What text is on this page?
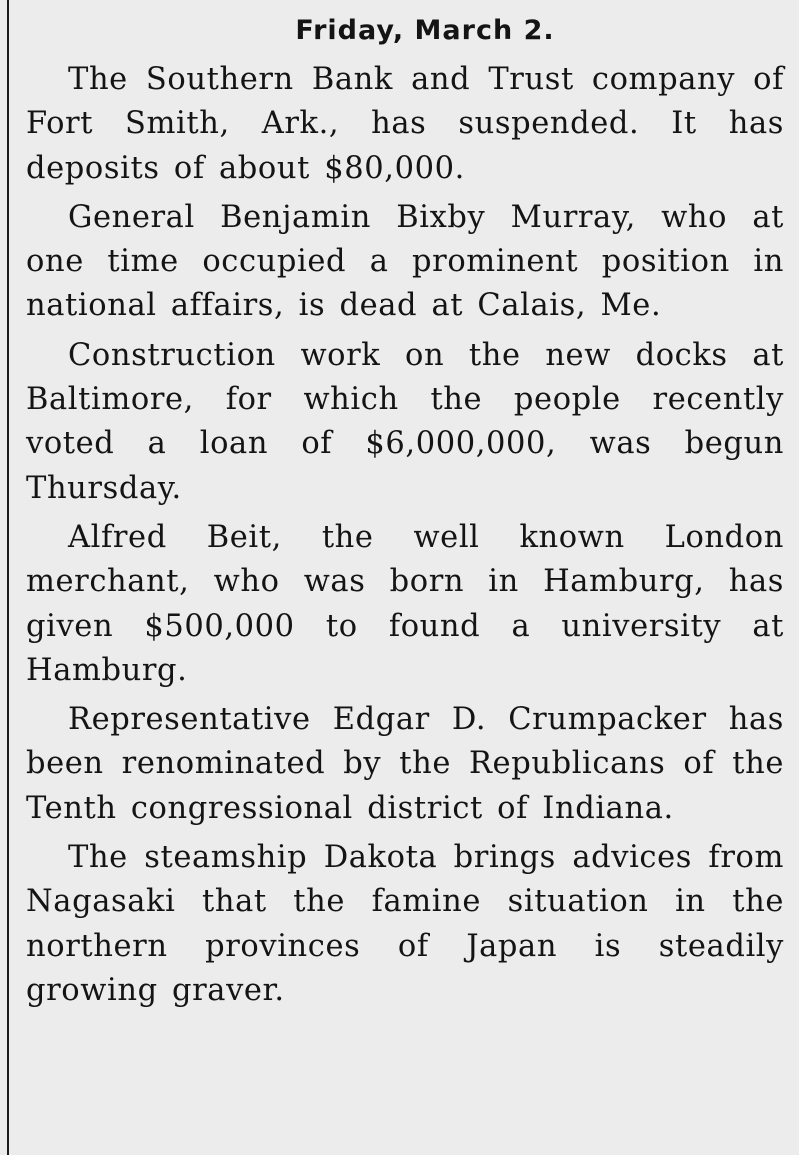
Friday, March 2.

The Southern Bank and Trust company of Fort Smith, Ark., has suspended. It has deposits of about $80,000.

General Benjamin Bixby Murray, who at one time occupied a prominent position in national affairs, is dead at Calais, Me.

Construction work on the new docks at Baltimore, for which the people recently voted a loan of $6,000,000, was begun Thursday.

Alfred Beit, the well known London merchant, who was born in Hamburg, has given $500,000 to found a university at Hamburg.

Representative Edgar D. Crumpacker has been renominated by the Republicans of the Tenth congressional district of Indiana.

The steamship Dakota brings advices from Nagasaki that the famine situation in the northern provinces of Japan is steadily growing graver.
